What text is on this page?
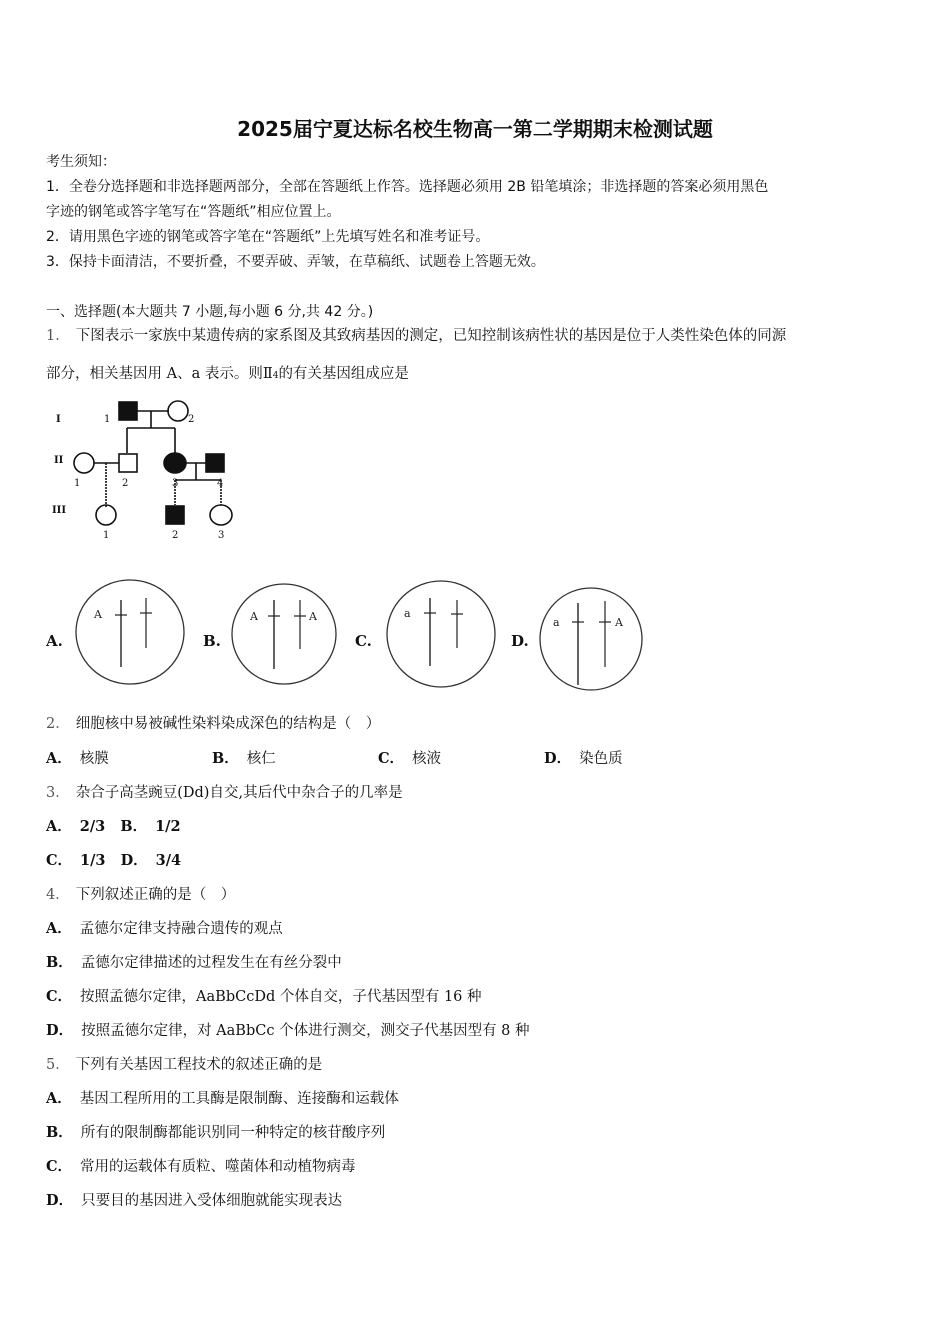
2025届宁夏达标名校生物高一第二学期期末检测试题
考生须知：
1．全卷分选择题和非选择题两部分，全部在答题纸上作答。选择题必须用 2B 铅笔填涂；非选择题的答案必须用黑色
字迹的钢笔或答字笔写在“答题纸”相应位置上。
2．请用黑色字迹的钢笔或答字笔在“答题纸”上先填写姓名和准考证号。
3．保持卡面清洁，不要折叠，不要弄破、弄皱，在草稿纸、试题卷上答题无效。
一、选择题(本大题共 7 小题,每小题 6 分,共 42 分。)
1． 下图表示一家族中某遗传病的家系图及其致病基因的测定，已知控制该病性状的基因是位于人类性染色体的同源
部分，相关基因用 A、a 表示。则Ⅱ4的有关基因组成应是
I
II
III
1	2
1	2	3	4
1	2	3
A.
A
B.
A	A
C.
a
D.
a	A
2． 细胞核中易被碱性染料染成深色的结构是（　）
A． 核膜	B． 核仁	C． 核液	D． 染色质
3． 杂合子高茎豌豆(Dd)自交,其后代中杂合子的几率是
A． 2/3 B． 1/2
C． 1/3 D． 3/4
4． 下列叙述正确的是（　）
A． 孟德尔定律支持融合遗传的观点
B． 孟德尔定律描述的过程发生在有丝分裂中
C． 按照孟德尔定律，AaBbCcDd 个体自交，子代基因型有 16 种
D． 按照孟德尔定律，对 AaBbCc 个体进行测交，测交子代基因型有 8 种
5． 下列有关基因工程技术的叙述正确的是
A． 基因工程所用的工具酶是限制酶、连接酶和运载体
B． 所有的限制酶都能识别同一种特定的核苷酸序列
C． 常用的运载体有质粒、噬菌体和动植物病毒
D． 只要目的基因进入受体细胞就能实现表达
